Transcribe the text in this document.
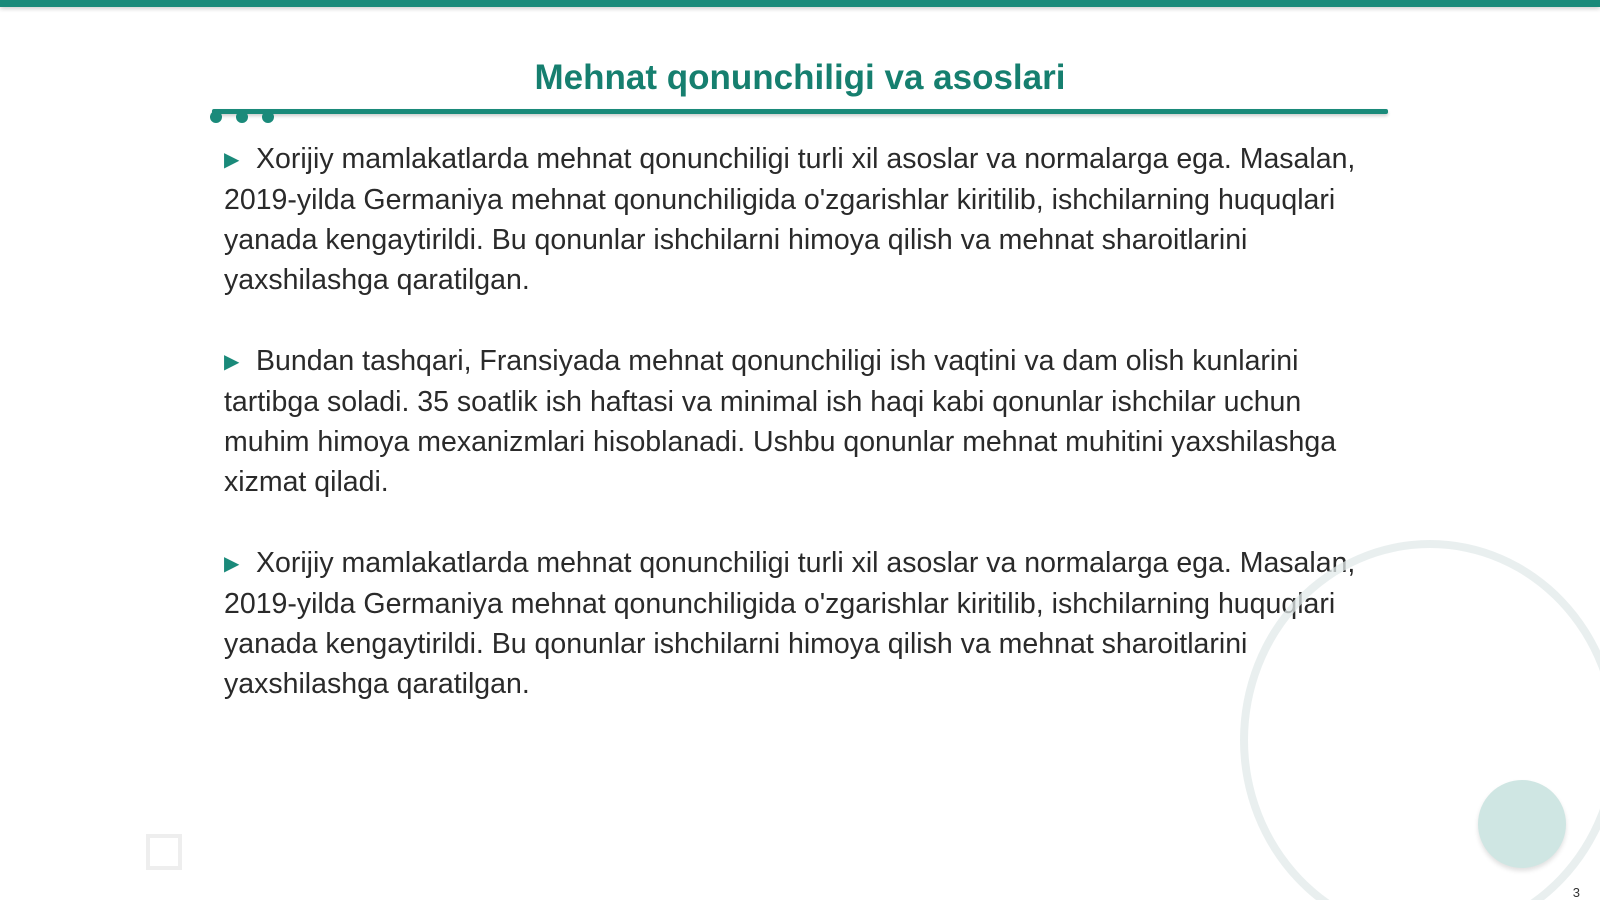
Mehnat qonunchiligi va asoslari

▶ Xorijiy mamlakatlarda mehnat qonunchiligi turli xil asoslar va normalarga ega. Masalan, 2019-yilda Germaniya mehnat qonunchiligida o'zgarishlar kiritilib, ishchilarning huquqlari yanada kengaytirildi. Bu qonunlar ishchilarni himoya qilish va mehnat sharoitlarini yaxshilashga qaratilgan.

▶ Bundan tashqari, Fransiyada mehnat qonunchiligi ish vaqtini va dam olish kunlarini tartibga soladi. 35 soatlik ish haftasi va minimal ish haqi kabi qonunlar ishchilar uchun muhim himoya mexanizmlari hisoblanadi. Ushbu qonunlar mehnat muhitini yaxshilashga xizmat qiladi.

▶ Xorijiy mamlakatlarda mehnat qonunchiligi turli xil asoslar va normalarga ega. Masalan, 2019-yilda Germaniya mehnat qonunchiligida o'zgarishlar kiritilib, ishchilarning huquqlari yanada kengaytirildi. Bu qonunlar ishchilarni himoya qilish va mehnat sharoitlarini yaxshilashga qaratilgan.

3
